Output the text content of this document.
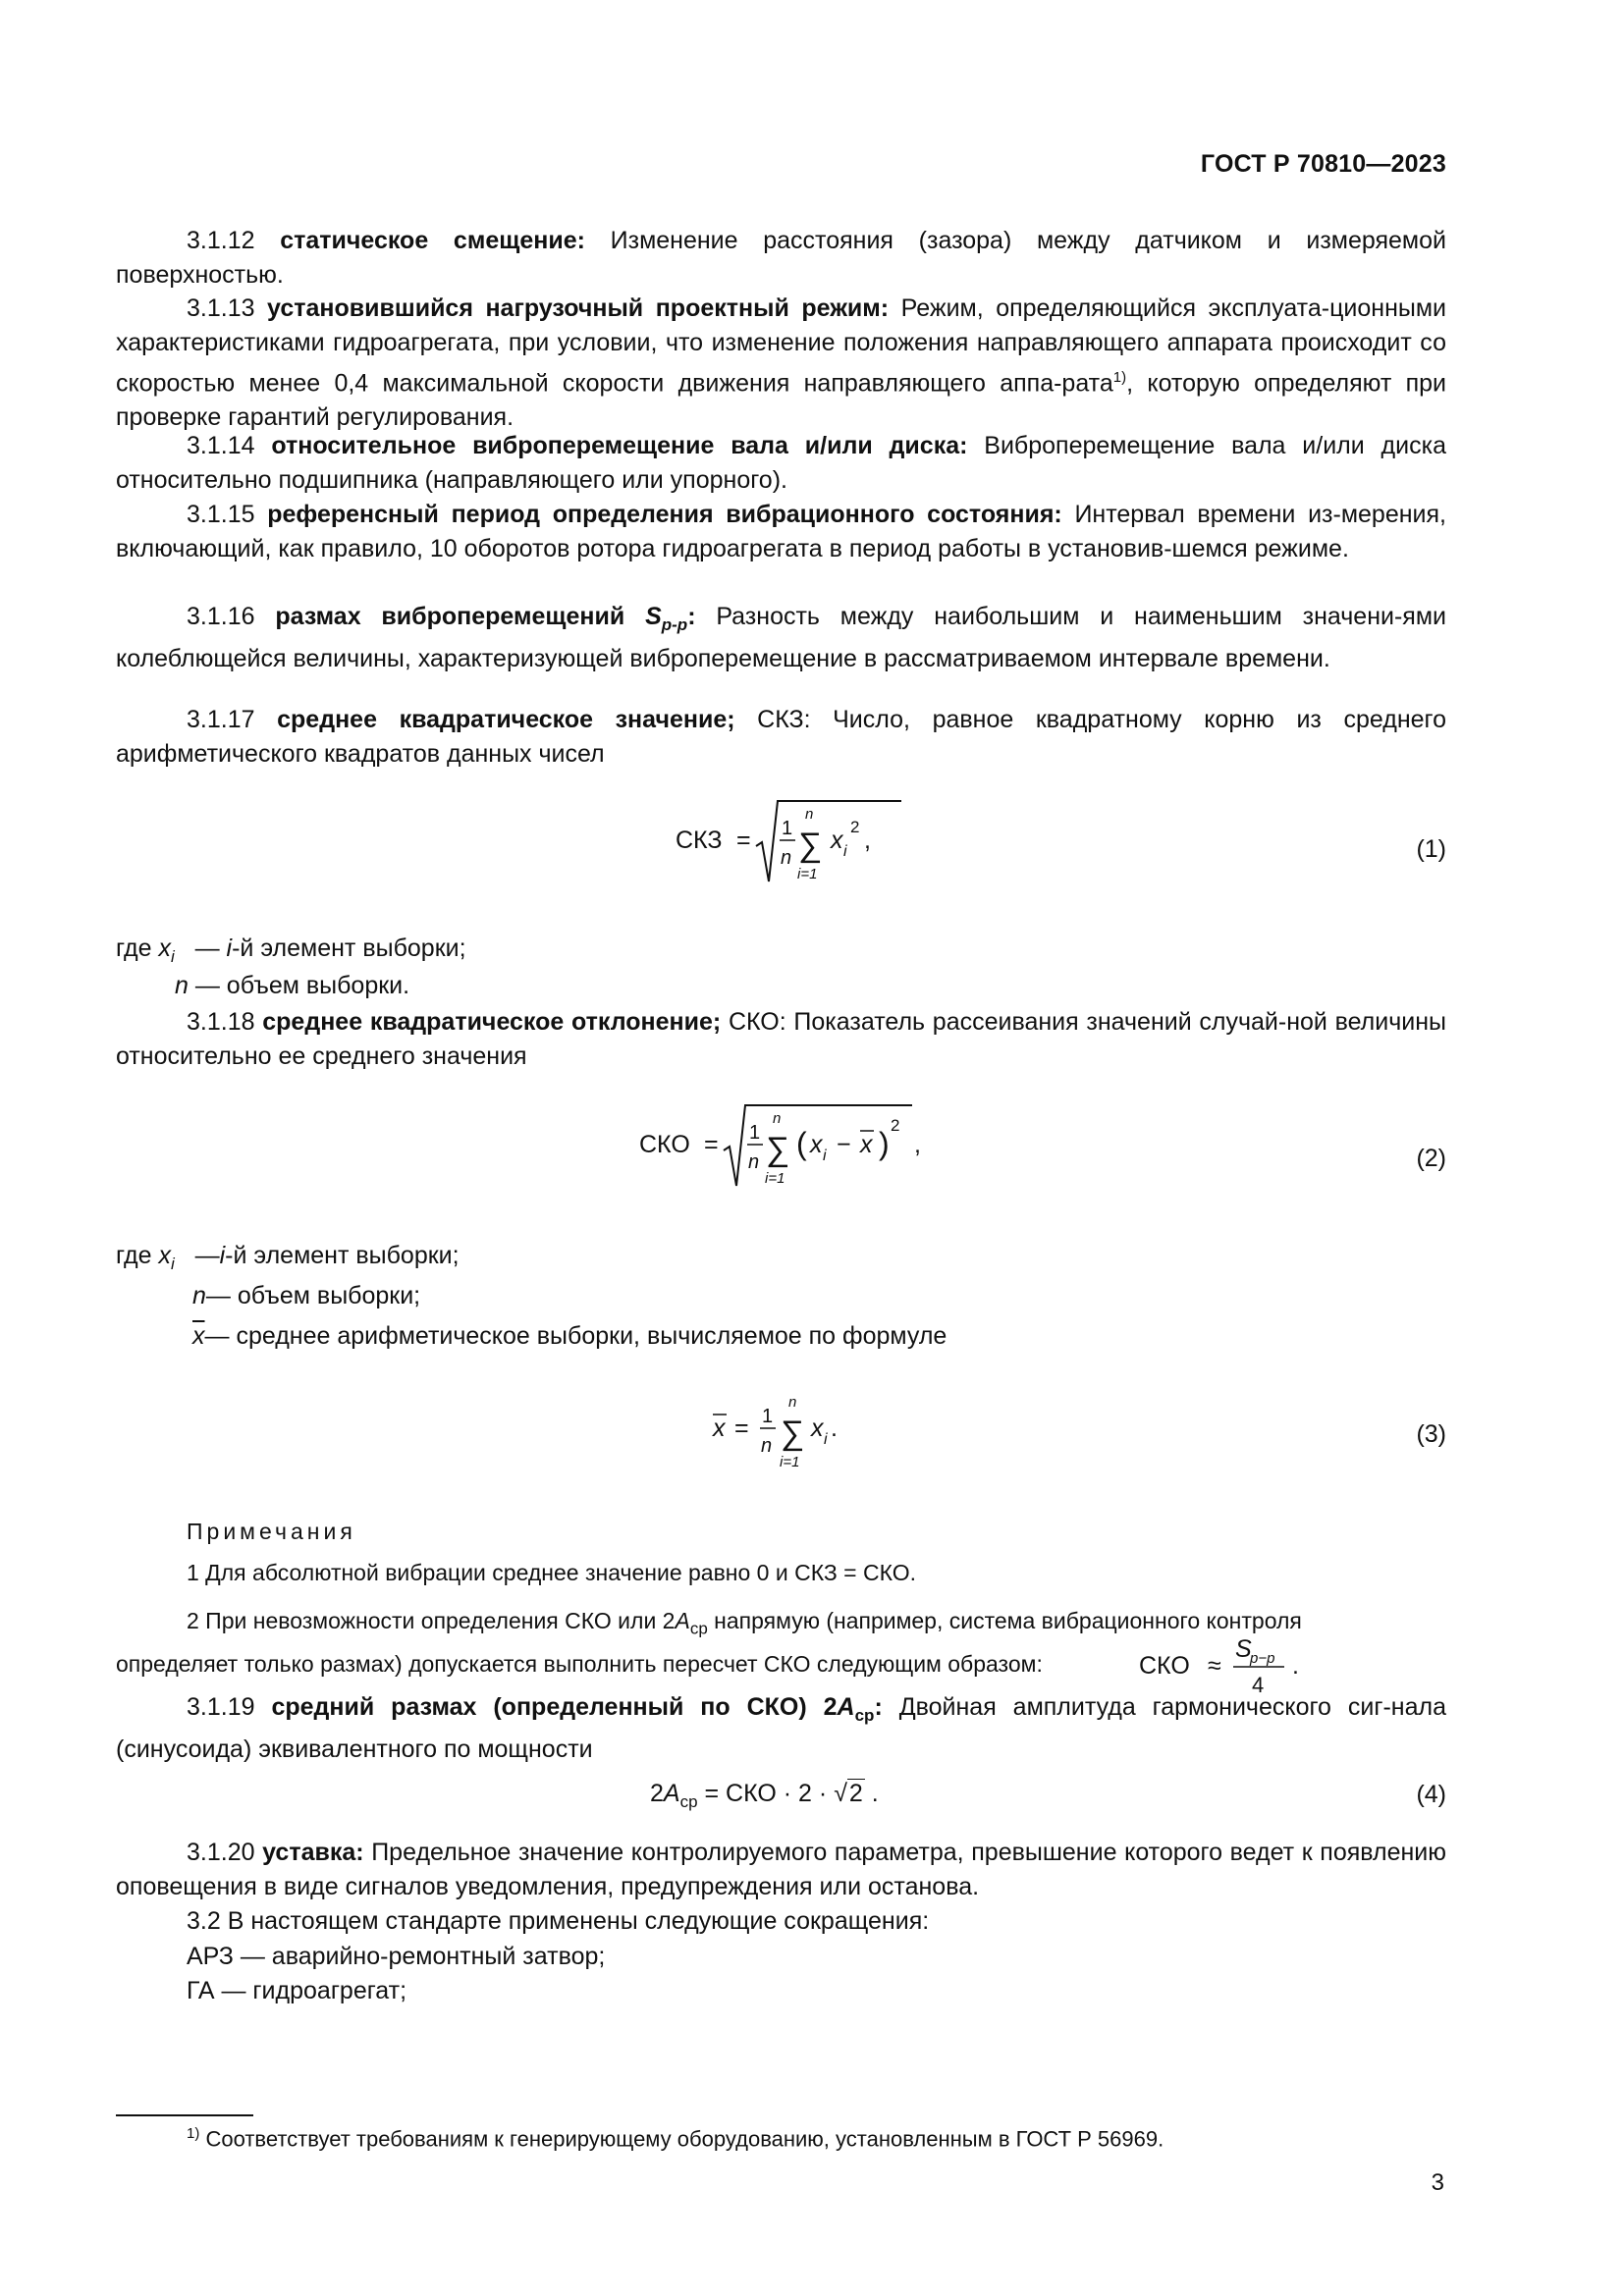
ГОСТ Р 70810—2023
3.1.12 статическое смещение: Изменение расстояния (зазора) между датчиком и измеряемой поверхностью.
3.1.13 установившийся нагрузочный проектный режим: Режим, определяющийся эксплуата-ционными характеристиками гидроагрегата, при условии, что изменение положения направляющего аппарата происходит со скоростью менее 0,4 максимальной скорости движения направляющего аппа-рата$^{1)}$, которую определяют при проверке гарантий регулирования.
3.1.14 относительное виброперемещение вала и/или диска: Виброперемещение вала и/или диска относительно подшипника (направляющего или упорного).
3.1.15 референсный период определения вибрационного состояния: Интервал времени из-мерения, включающий, как правило, 10 оборотов ротора гидроагрегата в период работы в установив-шемся режиме.
3.1.16 размах виброперемещений $S_{p-p}$: Разность между наибольшим и наименьшим значени-ями колеблющейся величины, характеризующей виброперемещение в рассматриваемом интервале времени.
3.1.17 среднее квадратическое значение; СКЗ: Число, равное квадратному корню из среднего арифметического квадратов данных чисел
СКЗ = 1
n
n
∑
i=1
x i
2 ,	(1)
где $x_i$ — i-й элемент выборки;
n — объем выборки.
3.1.18 среднее квадратическое отклонение; СКО: Показатель рассеивания значений случай-ной величины относительно ее среднего значения
СКО = 1
n
n
∑
i=1
( x i − x )
2
,	(2)
где $x_i$ —i-й элемент выборки;
n— объем выборки;
$\overline{x}—$ среднее арифметическое выборки, вычисляемое по формуле
x = 1
n
n
∑
i=1
x i .	(3)
Примечания
1 Для абсолютной вибрации среднее значение равно 0 и СКЗ = СКО.
2 При невозможности определения СКО или $2A_{ср}$ напрямую (например, система вибрационного контроля
определяет только размах) допускается выполнить пересчет СКО следующим образом:	СКО ≈
S
p−p
4
.
3.1.19 средний размах (определенный по СКО) $2A_{ср}$: Двойная амплитуда гармонического сиг-нала (синусоида) эквивалентного по мощности
$2A_{ср}$ = СКО · 2 · √2 .	(4)
3.1.20 уставка: Предельное значение контролируемого параметра, превышение которого ведет к появлению оповещения в виде сигналов уведомления, предупреждения или останова.
3.2 В настоящем стандарте применены следующие сокращения:
АРЗ — аварийно-ремонтный затвор;
ГА — гидроагрегат;
$^{1)}$ Соответствует требованиям к генерирующему оборудованию, установленным в ГОСТ Р 56969.
3
